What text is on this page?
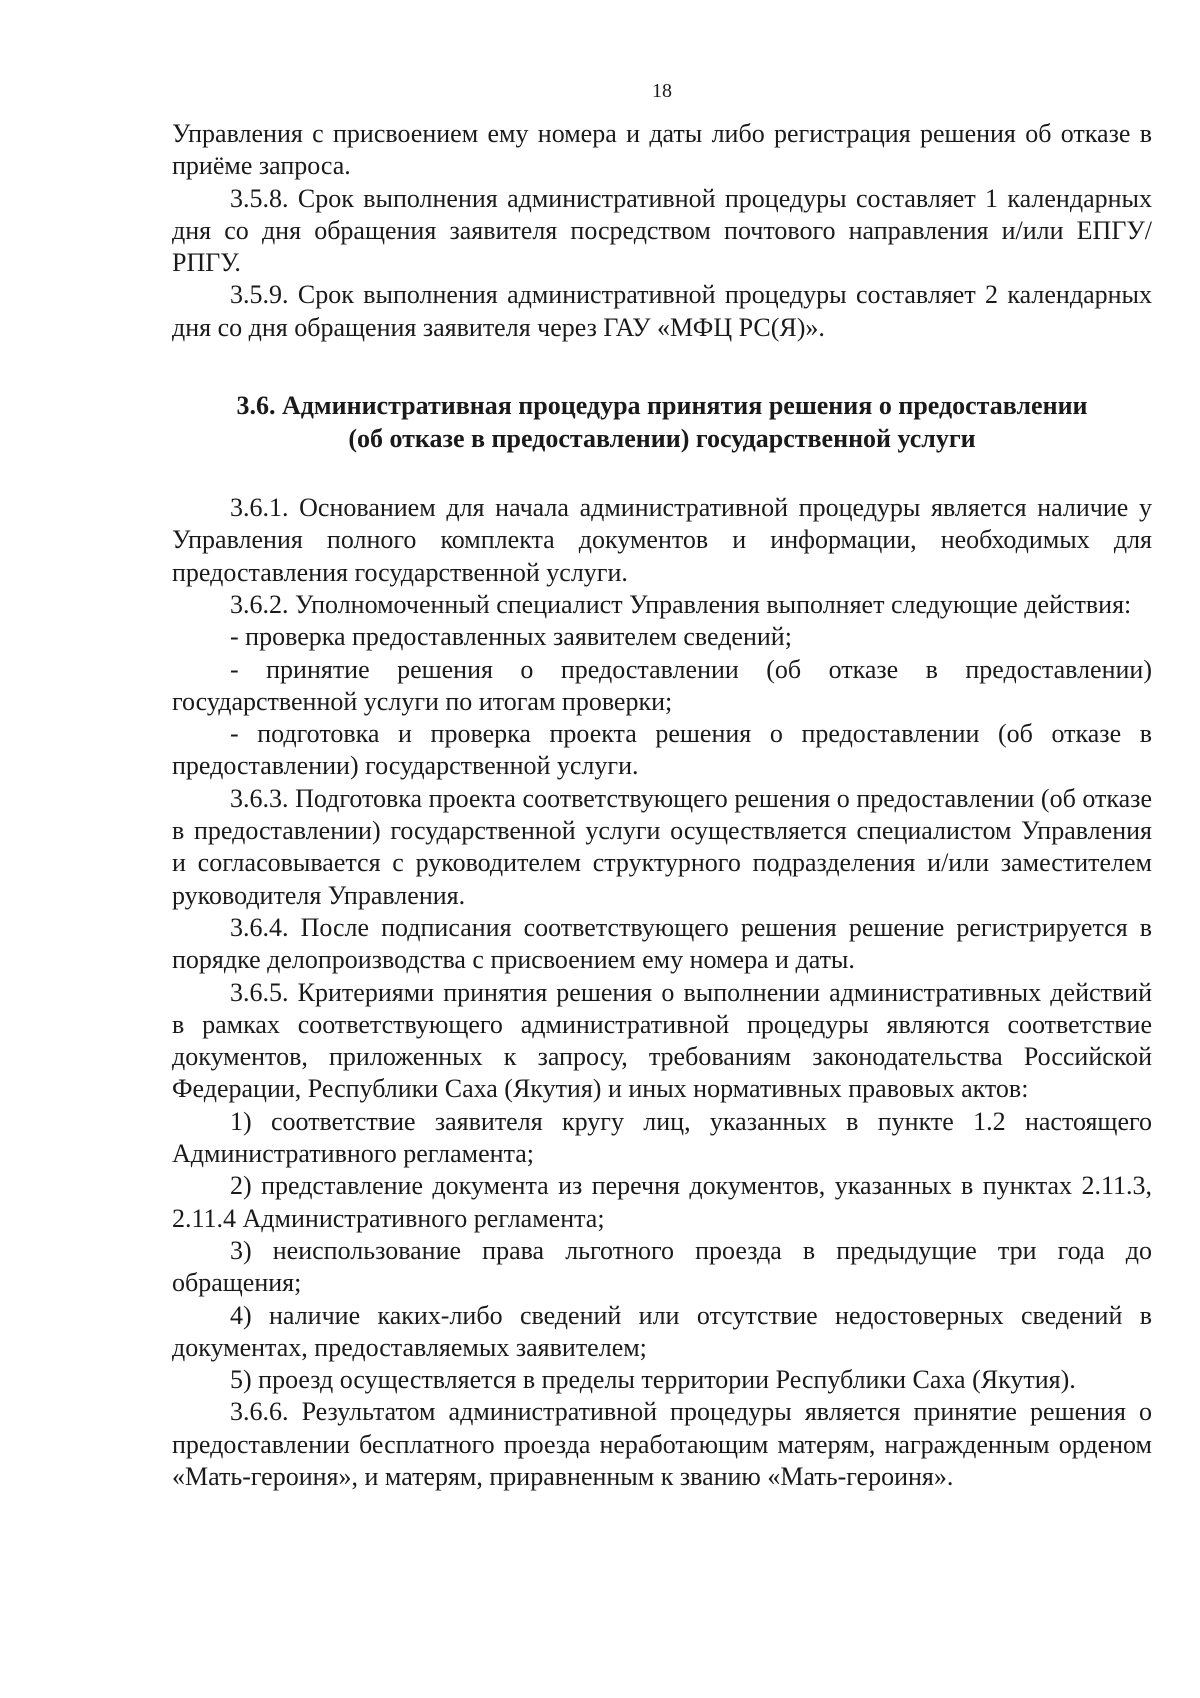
18

Управления с присвоением ему номера и даты либо регистрация решения об отказе в приёме запроса.

3.5.8. Срок выполнения административной процедуры составляет 1 календарных дня со дня обращения заявителя посредством почтового направления и/или ЕПГУ/РПГУ.

3.5.9. Срок выполнения административной процедуры составляет 2 календарных дня со дня обращения заявителя через ГАУ «МФЦ РС(Я)».

3.6. Административная процедура принятия решения о предоставлении
(об отказе в предоставлении) государственной услуги

3.6.1. Основанием для начала административной процедуры является наличие у Управления полного комплекта документов и информации, необходимых для предоставления государственной услуги.

3.6.2. Уполномоченный специалист Управления выполняет следующие действия:

- проверка предоставленных заявителем сведений;

- принятие решения о предоставлении (об отказе в предоставлении) государственной услуги по итогам проверки;

- подготовка и проверка проекта решения о предоставлении (об отказе в предоставлении) государственной услуги.

3.6.3. Подготовка проекта соответствующего решения о предоставлении (об отказе в предоставлении) государственной услуги осуществляется специалистом Управления и согласовывается с руководителем структурного подразделения и/или заместителем руководителя Управления.

3.6.4. После подписания соответствующего решения решение регистрируется в порядке делопроизводства с присвоением ему номера и даты.

3.6.5. Критериями принятия решения о выполнении административных действий в рамках соответствующего административной процедуры являются соответствие документов, приложенных к запросу, требованиям законодательства Российской Федерации, Республики Саха (Якутия) и иных нормативных правовых актов:

1) соответствие заявителя кругу лиц, указанных в пункте 1.2 настоящего Административного регламента;

2) представление документа из перечня документов, указанных в пунктах 2.11.3, 2.11.4 Административного регламента;

3) неиспользование права льготного проезда в предыдущие три года до обращения;

4) наличие каких-либо сведений или отсутствие недостоверных сведений в документах, предоставляемых заявителем;

5) проезд осуществляется в пределы территории Республики Саха (Якутия).

3.6.6. Результатом административной процедуры является принятие решения о предоставлении бесплатного проезда неработающим матерям, награжденным орденом «Мать-героиня», и матерям, приравненным к званию «Мать-героиня».
